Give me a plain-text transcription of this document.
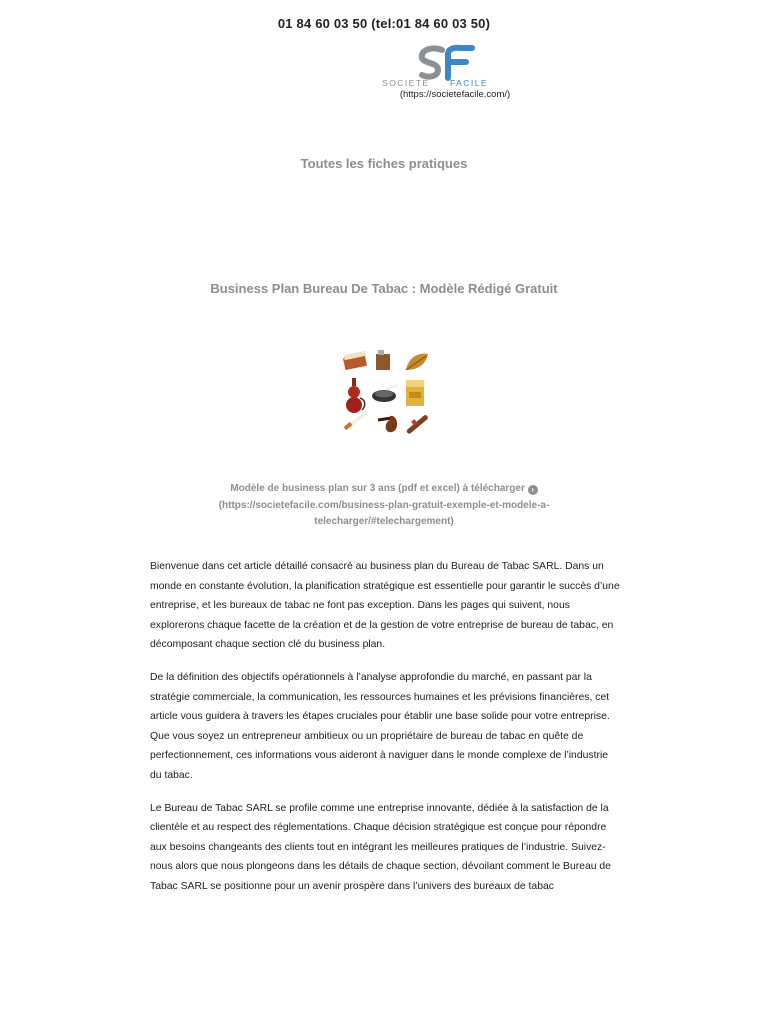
01 84 60 03 50 (tel:01 84 60 03 50)
SOCIETE FACILE
(https://societefacile.com/)
Toutes les fiches pratiques
Business Plan Bureau De Tabac : Modèle Rédigé Gratuit
Modèle de business plan sur 3 ans (pdf et excel) à télécharger ›
(https://societefacile.com/business-plan-gratuit-exemple-et-modele-a-
telecharger/#telechargement)

Bienvenue dans cet article détaillé consacré au business plan du Bureau de Tabac SARL. Dans un monde en constante évolution, la planification stratégique est essentielle pour garantir le succès d’une entreprise, et les bureaux de tabac ne font pas exception. Dans les pages qui suivent, nous explorerons chaque facette de la création et de la gestion de votre entreprise de bureau de tabac, en décomposant chaque section clé du business plan.

De la définition des objectifs opérationnels à l’analyse approfondie du marché, en passant par la stratégie commerciale, la communication, les ressources humaines et les prévisions financières, cet article vous guidera à travers les étapes cruciales pour établir une base solide pour votre entreprise. Que vous soyez un entrepreneur ambitieux ou un propriétaire de bureau de tabac en quête de perfectionnement, ces informations vous aideront à naviguer dans le monde complexe de l’industrie du tabac.

Le Bureau de Tabac SARL se profile comme une entreprise innovante, dédiée à la satisfaction de la clientèle et au respect des réglementations. Chaque décision stratégique est conçue pour répondre aux besoins changeants des clients tout en intégrant les meilleures pratiques de l’industrie. Suivez-nous alors que nous plongeons dans les détails de chaque section, dévoilant comment le Bureau de Tabac SARL se positionne pour un avenir prospère dans l’univers des bureaux de tabac
